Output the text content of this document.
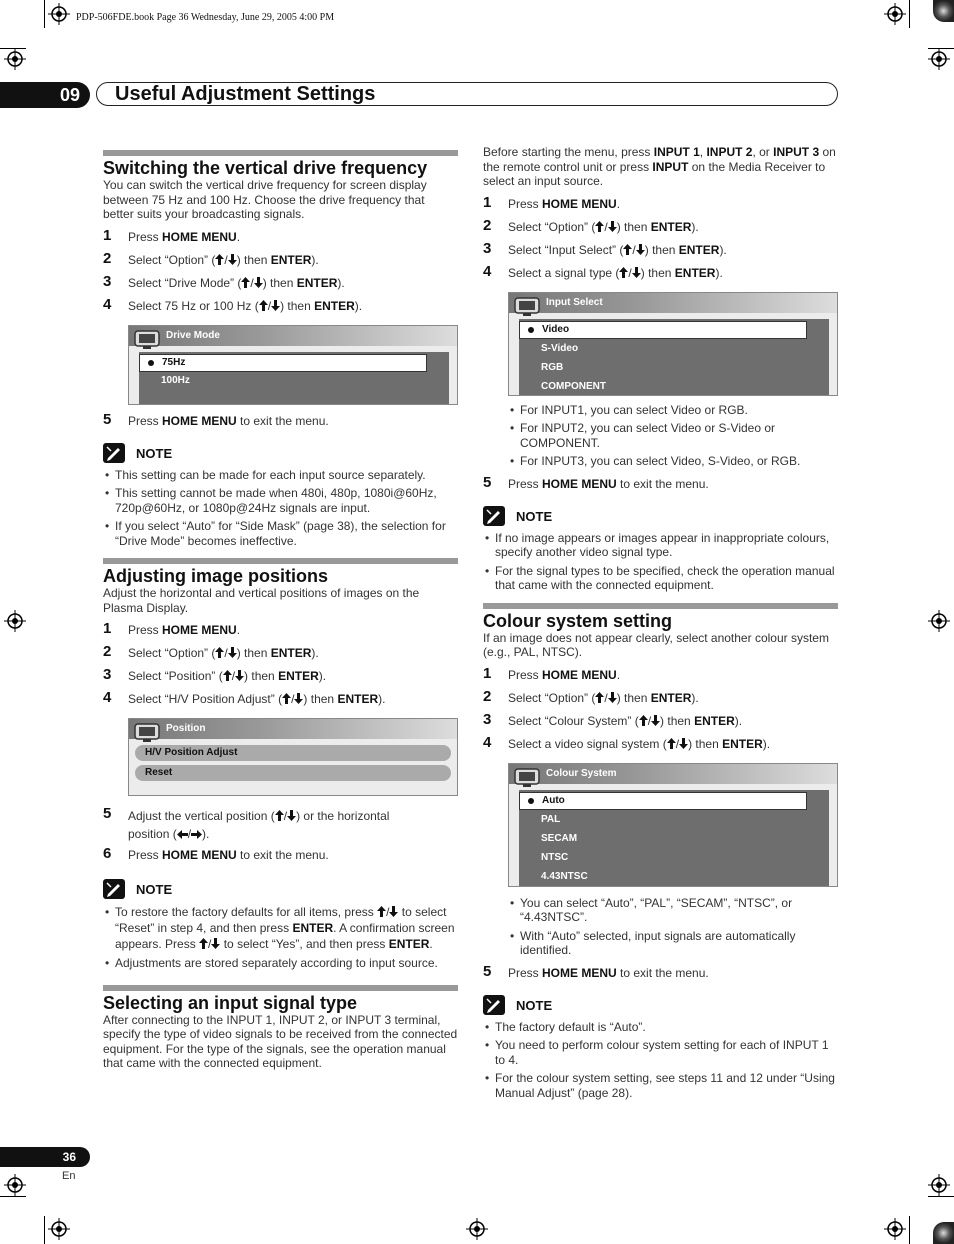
PDP-506FDE.book Page 36 Wednesday, June 29, 2005 4:00 PM
09	Useful Adjustment Settings
Switching the vertical drive frequency

You can switch the vertical drive frequency for screen display between 75 Hz and 100 Hz. Choose the drive frequency that better suits your broadcasting signals.

1 Press HOME MENU.
2 Select “Option” ( / ) then ENTER).
3 Select “Drive Mode” ( / ) then ENTER).
4 Select 75 Hz or 100 Hz ( / ) then ENTER).
Drive Mode
75Hz
100Hz
5 Press HOME MENU to exit the menu.
NOTE
• This setting can be made for each input source separately.
• This setting cannot be made when 480i, 480p, 1080i@60Hz, 720p@60Hz, or 1080p@24Hz signals are input.
• If you select “Auto” for “Side Mask” (page 38), the selection for “Drive Mode” becomes ineffective.
Adjusting image positions

Adjust the horizontal and vertical positions of images on the Plasma Display.

1 Press HOME MENU.
2 Select “Option” ( / ) then ENTER).
3 Select “Position” ( / ) then ENTER).
4 Select “H/V Position Adjust” ( / ) then ENTER).
Position
H/V Position Adjust
Reset
5 Adjust the vertical position ( / ) or the horizontal
position ( / ).
6 Press HOME MENU to exit the menu.
NOTE
• To restore the factory defaults for all items, press / to select “Reset” in step 4, and then press ENTER. A confirmation screen appears. Press / to select “Yes”, and then press ENTER.
• Adjustments are stored separately according to input source.
Selecting an input signal type

After connecting to the INPUT 1, INPUT 2, or INPUT 3 terminal, specify the type of video signals to be received from the connected equipment. For the type of the signals, see the operation manual that came with the connected equipment.

Before starting the menu, press INPUT 1, INPUT 2, or INPUT 3 on the remote control unit or press INPUT on the Media Receiver to select an input source.

1 Press HOME MENU.
2 Select “Option” ( / ) then ENTER).
3 Select “Input Select” ( / ) then ENTER).
4 Select a signal type ( / ) then ENTER).
Input Select
Video
S-Video
RGB
COMPONENT
• For INPUT1, you can select Video or RGB.
• For INPUT2, you can select Video or S-Video or COMPONENT.
• For INPUT3, you can select Video, S-Video, or RGB.
5 Press HOME MENU to exit the menu.
NOTE
• If no image appears or images appear in inappropriate colours, specify another video signal type.
• For the signal types to be specified, check the operation manual that came with the connected equipment.
Colour system setting

If an image does not appear clearly, select another colour system (e.g., PAL, NTSC).

1 Press HOME MENU.
2 Select “Option” ( / ) then ENTER).
3 Select “Colour System” ( / ) then ENTER).
4 Select a video signal system ( / ) then ENTER).
Colour System
Auto
PAL
SECAM
NTSC
4.43NTSC
• You can select “Auto”, “PAL”, “SECAM”, “NTSC”, or “4.43NTSC”.
• With “Auto” selected, input signals are automatically identified.
5 Press HOME MENU to exit the menu.
NOTE
• The factory default is “Auto”.
• You need to perform colour system setting for each of INPUT 1 to 4.
• For the colour system setting, see steps 11 and 12 under “Using Manual Adjust” (page 28).
36
En
